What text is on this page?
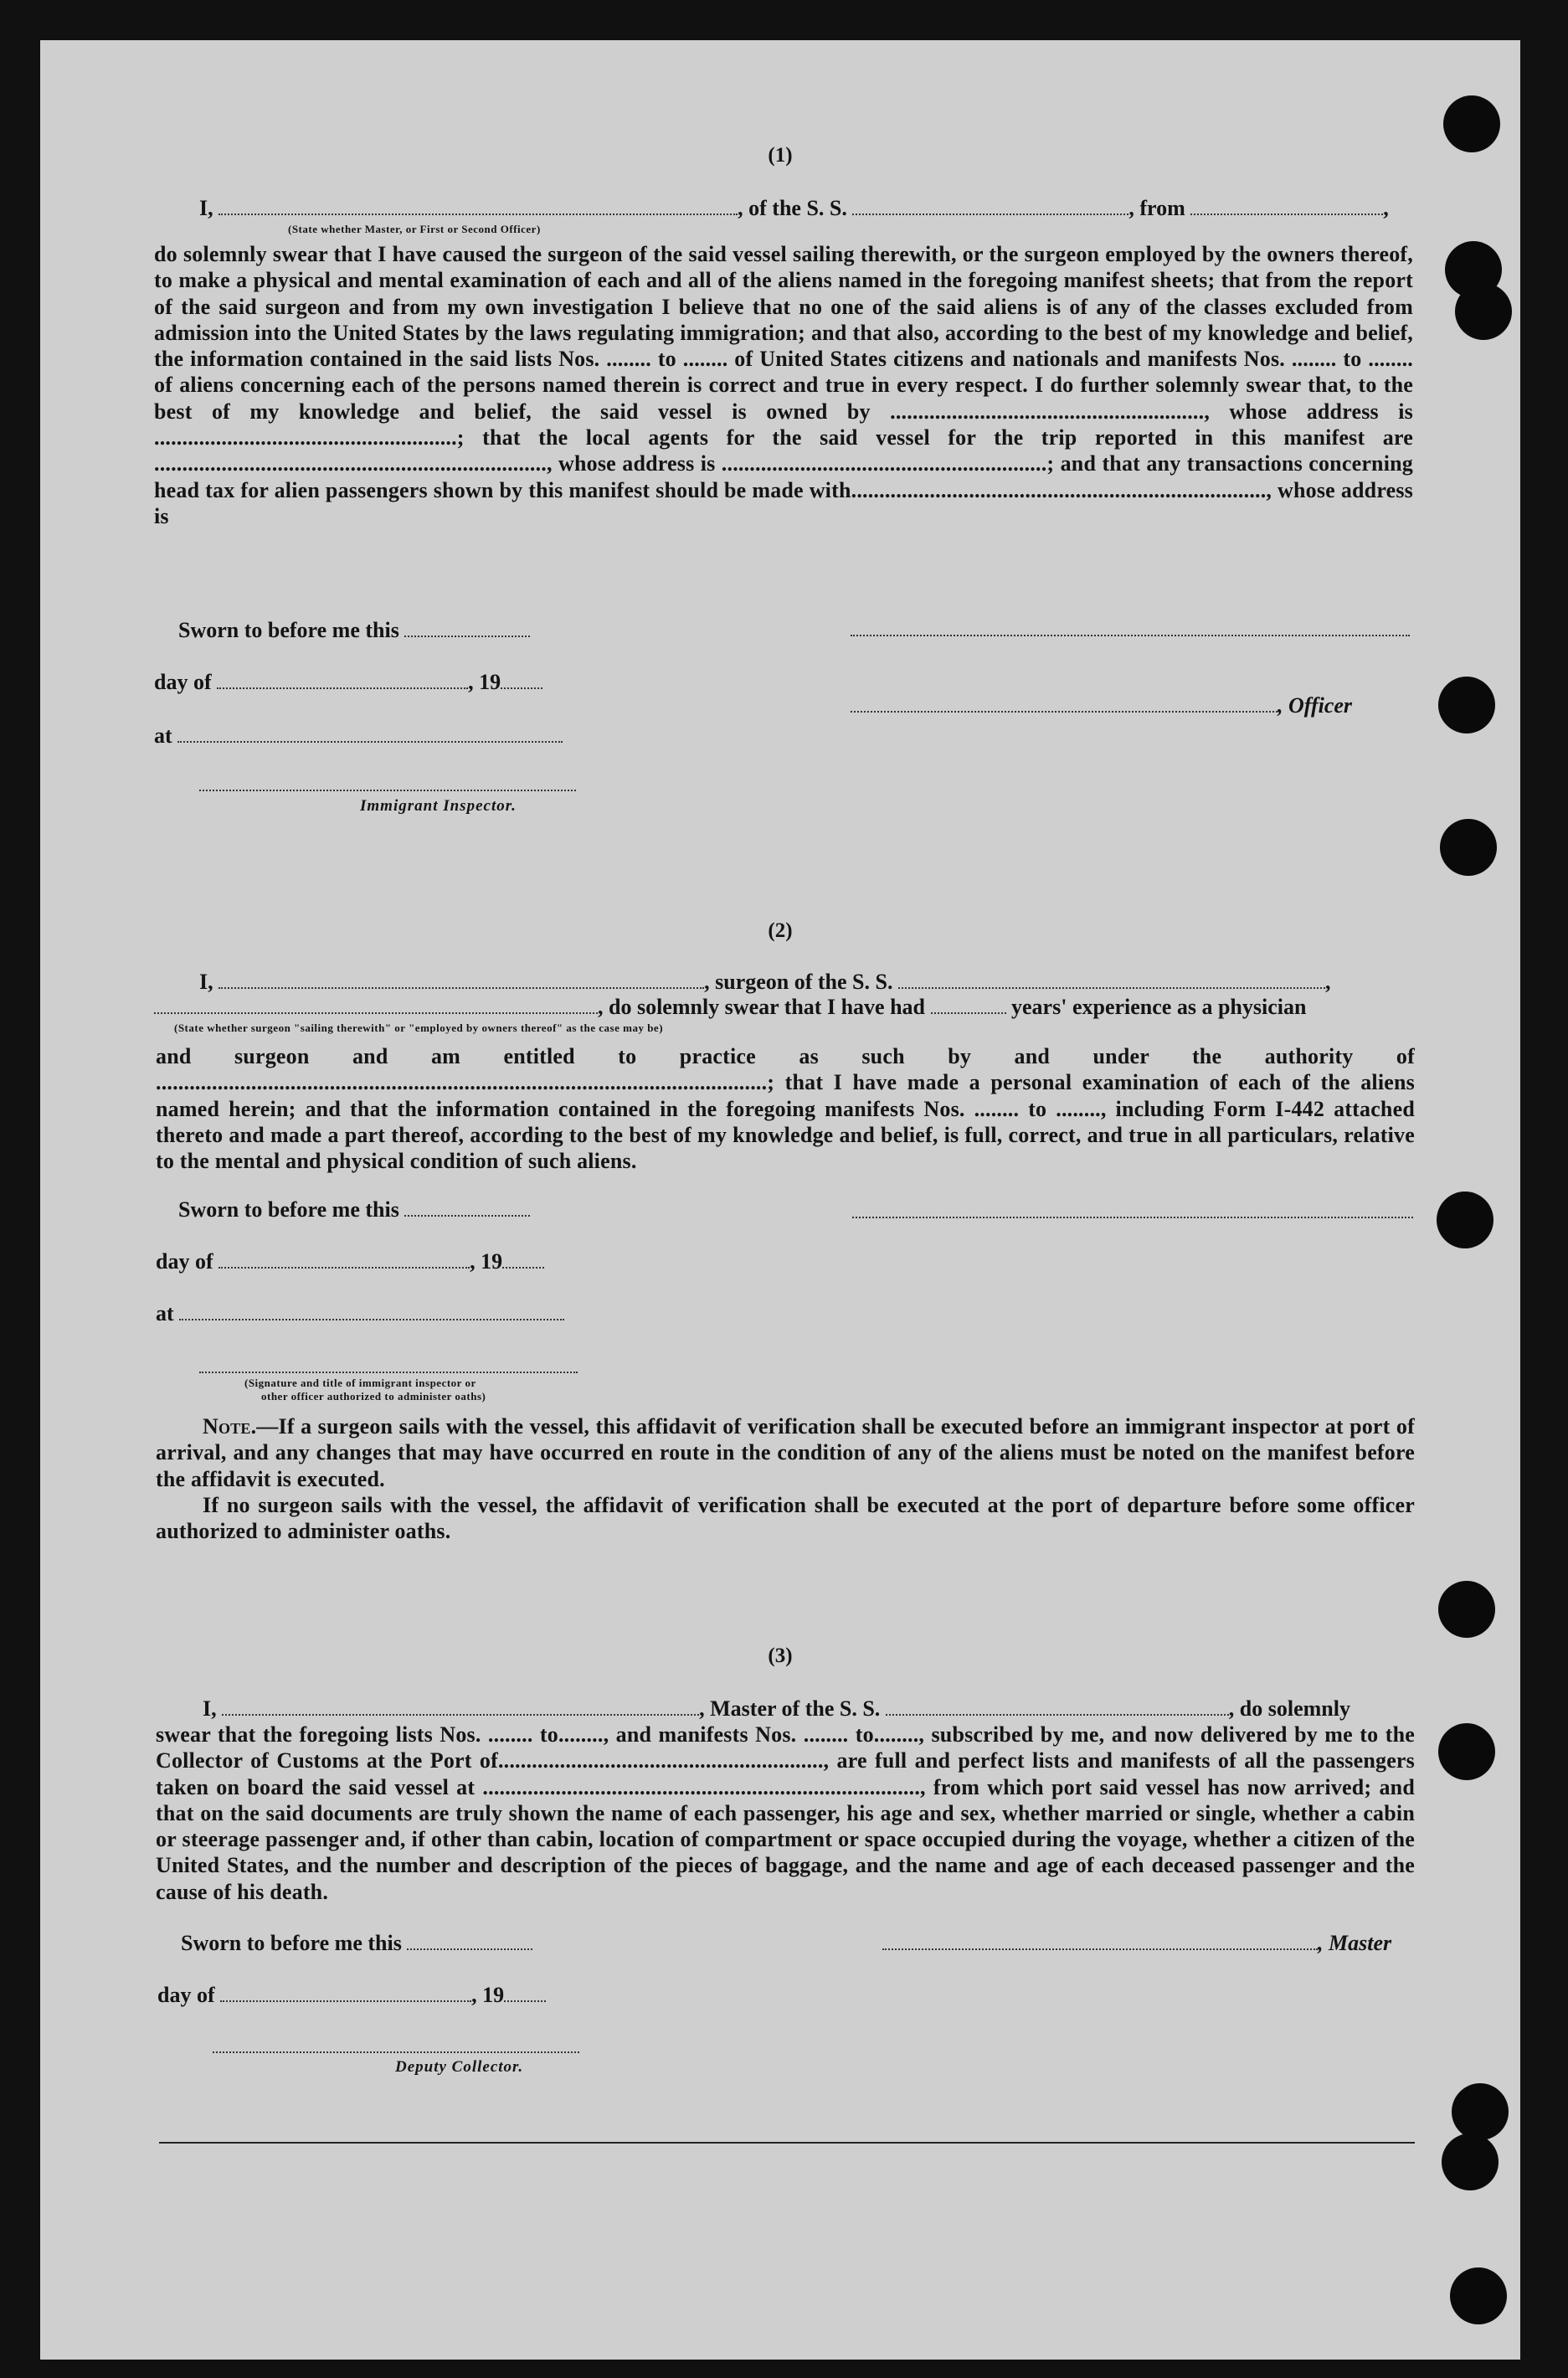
(1)
I,	, of the S. S.	, from	,
(State whether Master, or First or Second Officer)
do solemnly swear that I have caused the surgeon of the said vessel sailing therewith, or the surgeon employed by the owners thereof, to make a physical and mental examination of each and all of the aliens named in the foregoing manifest sheets; that from the report of the said surgeon and from my own investigation I believe that no one of the said aliens is of any of the classes excluded from admission into the United States by the laws regulating immigration; and that also, according to the best of my knowledge and belief, the information contained in the said lists Nos. ........ to ........ of United States citizens and nationals and manifests Nos. ........ to ........ of aliens concerning each of the persons named therein is correct and true in every respect. I do further solemnly swear that, to the best of my knowledge and belief, the said vessel is owned by ........................................................, whose address is ......................................................; that the local agents for the said vessel for the trip reported in this manifest are ......................................................................, whose address is ..........................................................; and that any transactions concerning head tax for alien passengers shown by this manifest should be made with.........................................................................., whose address is
Sworn to before me this
day of	, 19
, Officer
at
Immigrant Inspector.
(2)
I,	, surgeon of the S. S.	,
, do solemnly swear that I have had	years' experience as a physician
(State whether surgeon "sailing therewith" or "employed by owners thereof" as the case may be)
and surgeon and am entitled to practice as such by and under the authority of .............................................................................................................; that I have made a personal examination of each of the aliens named herein; and that the information contained in the foregoing manifests Nos. ........ to ........, including Form I-442 attached thereto and made a part thereof, according to the best of my knowledge and belief, is full, correct, and true in all particulars, relative to the mental and physical condition of such aliens.
Sworn to before me this
day of	, 19
at
(Signature and title of immigrant inspector or
other officer authorized to administer oaths)
Note.—If a surgeon sails with the vessel, this affidavit of verification shall be executed before an immigrant inspector at port of arrival, and any changes that may have occurred en route in the condition of any of the aliens must be noted on the manifest before the affidavit is executed.
If no surgeon sails with the vessel, the affidavit of verification shall be executed at the port of departure before some officer authorized to administer oaths.
(3)
I,	, Master of the S. S.	, do solemnly
swear that the foregoing lists Nos. ........ to........, and manifests Nos. ........ to........, subscribed by me, and now delivered by me to the Collector of Customs at the Port of.........................................................., are full and perfect lists and manifests of all the passengers taken on board the said vessel at .............................................................................., from which port said vessel has now arrived; and that on the said documents are truly shown the name of each passenger, his age and sex, whether married or single, whether a cabin or steerage passenger and, if other than cabin, location of compartment or space occupied during the voyage, whether a citizen of the United States, and the number and description of the pieces of baggage, and the name and age of each deceased passenger and the cause of his death.
Sworn to before me this	, Master
day of	, 19
Deputy Collector.
